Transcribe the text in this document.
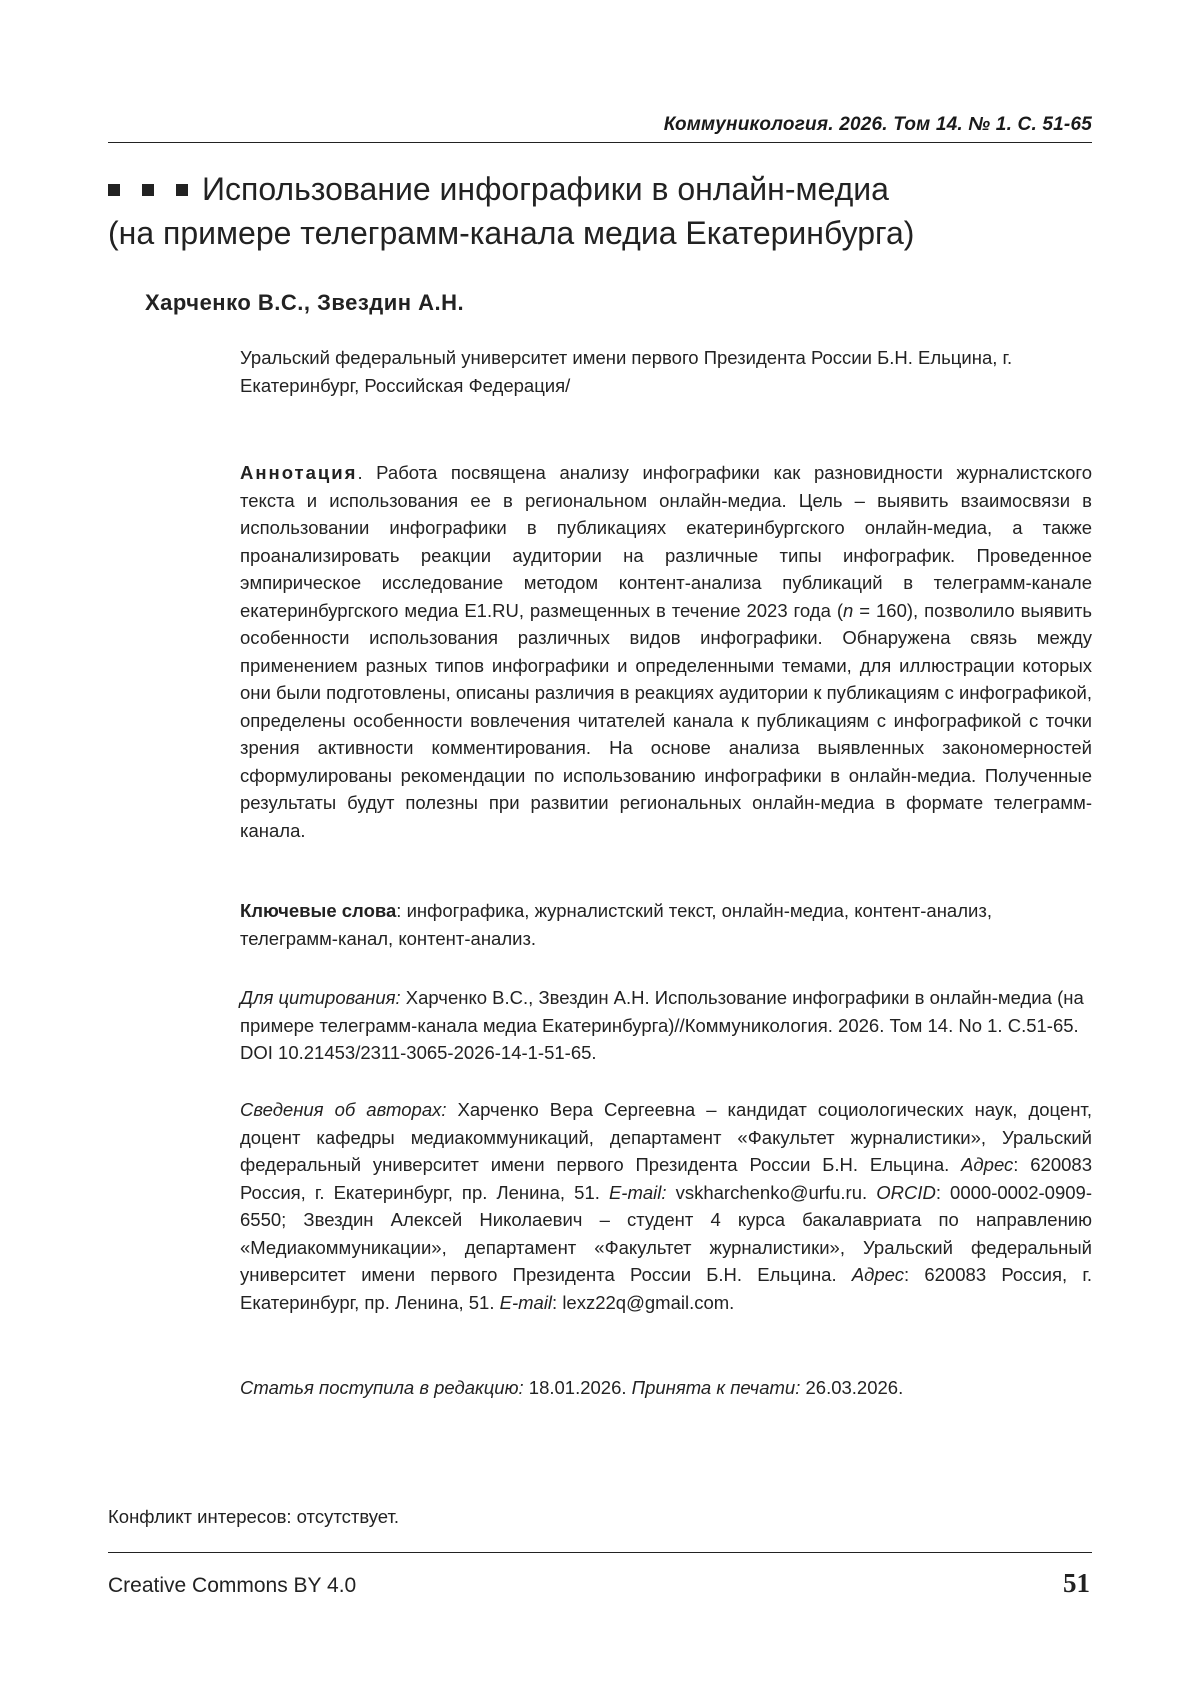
Коммуникология. 2026. Том 14. № 1. С. 51-65
Использование инфографики в онлайн-медиа
(на примере телеграмм-канала медиа Екатеринбурга)
Харченко В.С., Звездин А.Н.
Уральский федеральный университет имени первого Президента России Б.Н. Ельцина, г. Екатеринбург, Российская Федерация/
Аннотация. Работа посвящена анализу инфографики как разновидности журналистского текста и использования ее в региональном онлайн-медиа. Цель – выявить взаимосвязи в использовании инфографики в публикациях екатеринбургского онлайн-медиа, а также проанализировать реакции аудитории на различные типы инфографик. Проведенное эмпирическое исследование методом контент-анализа публикаций в телеграмм-канале екатеринбургского медиа E1.RU, размещенных в течение 2023 года (n = 160), позволило выявить особенности использования различных видов инфографики. Обнаружена связь между применением разных типов инфографики и определенными темами, для иллюстрации которых они были подготовлены, описаны различия в реакциях аудитории к публикациям с инфографикой, определены особенности вовлечения читателей канала к публикациям с инфографикой с точки зрения активности комментирования. На основе анализа выявленных закономерностей сформулированы рекомендации по использованию инфографики в онлайн-медиа. Полученные результаты будут полезны при развитии региональных онлайн-медиа в формате телеграмм-канала.
Ключевые слова: инфографика, журналистский текст, онлайн-медиа, контент-анализ, телеграмм-канал, контент-анализ.
Для цитирования: Харченко В.С., Звездин А.Н. Использование инфографики в онлайн-медиа (на примере телеграмм-канала медиа Екатеринбурга)//Коммуникология. 2026. Том 14. No 1. С.51-65. DOI 10.21453/2311-3065-2026-14-1-51-65.
Сведения об авторах: Харченко Вера Сергеевна – кандидат социологических наук, доцент, доцент кафедры медиакоммуникаций, департамент «Факультет журналистики», Уральский федеральный университет имени первого Президента России Б.Н. Ельцина. Адрес: 620083 Россия, г. Екатеринбург, пр. Ленина, 51. E-mail: vskharchenko@urfu.ru. ORCID: 0000-0002-0909-6550; Звездин Алексей Николаевич – студент 4 курса бакалавриата по направлению «Медиакоммуникации», департамент «Факультет журналистики», Уральский федеральный университет имени первого Президента России Б.Н. Ельцина. Адрес: 620083 Россия, г. Екатеринбург, пр. Ленина, 51. E-mail: lexz22q@gmail.com.
Статья поступила в редакцию: 18.01.2026. Принята к печати: 26.03.2026.
Конфликт интересов: отсутствует.
Creative Commons BY 4.0	51
